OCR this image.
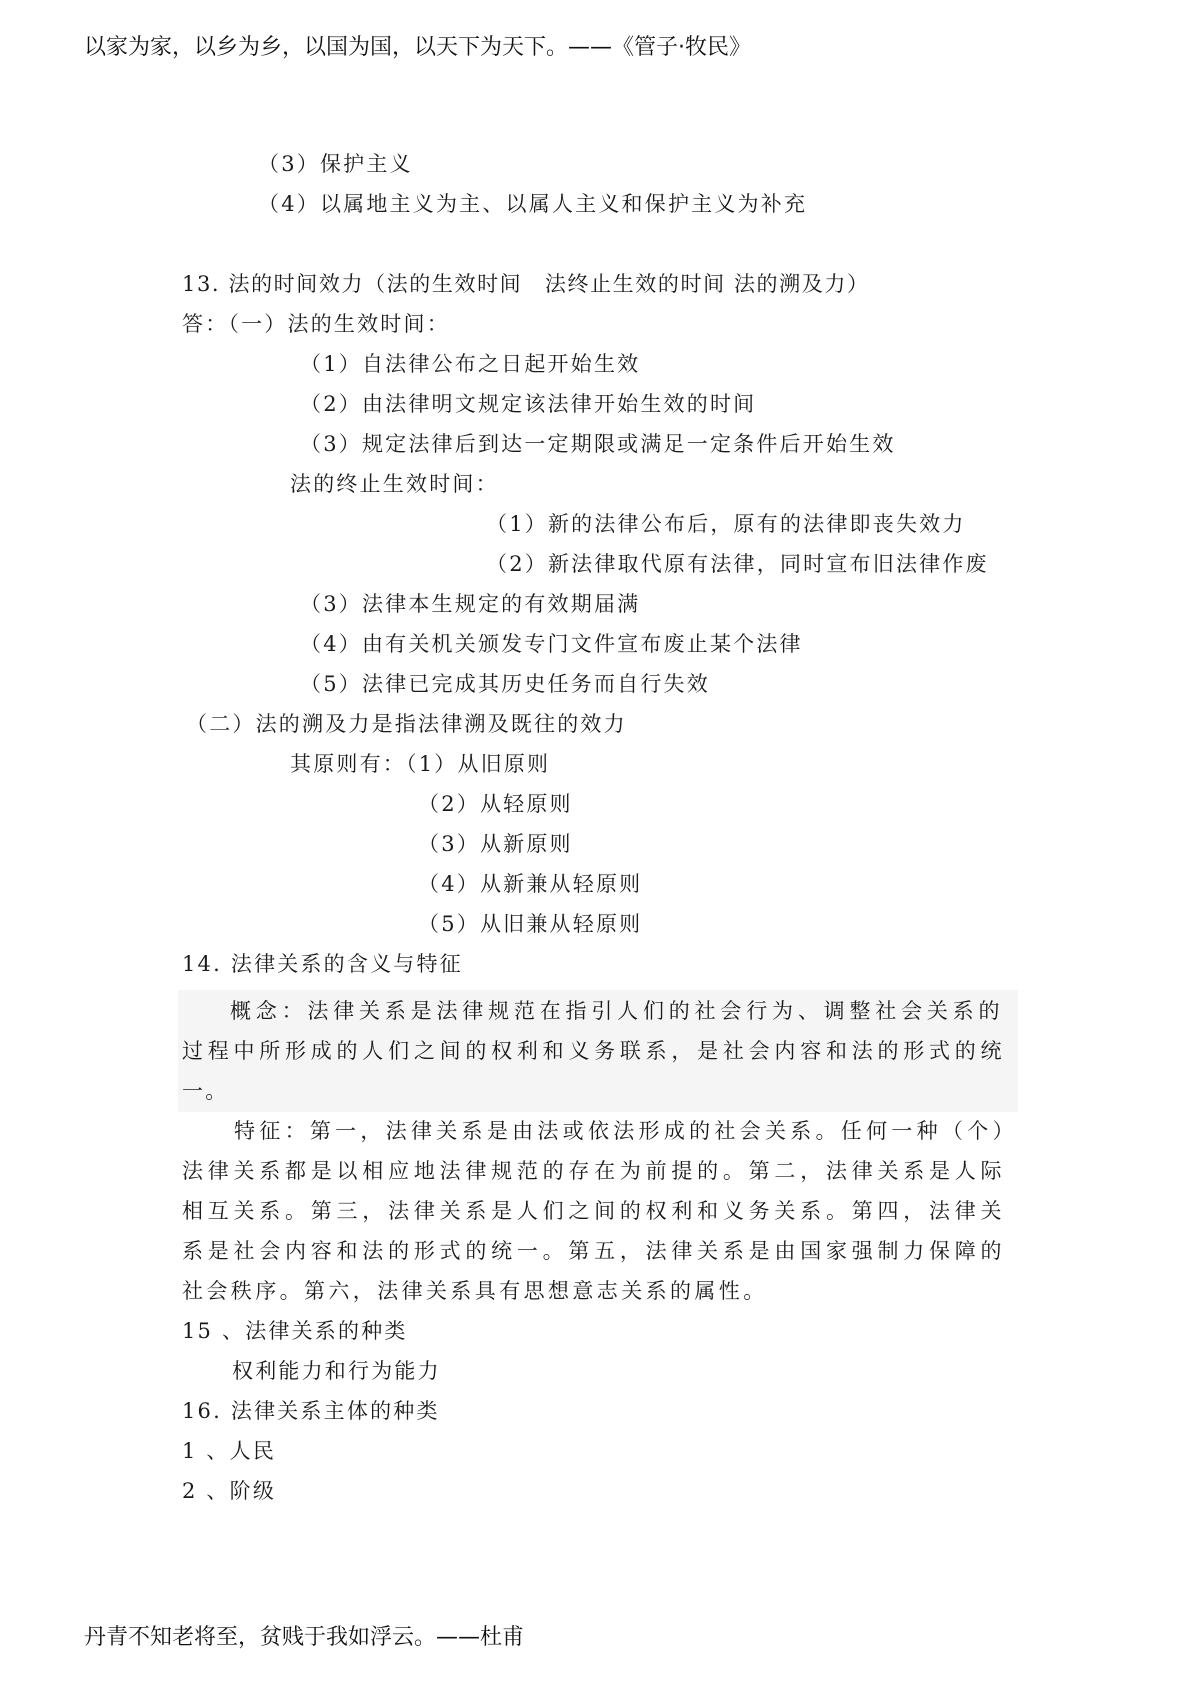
以家为家，以乡为乡，以国为国，以天下为天下。——《管子·牧民》
（3）保护主义
（4）以属地主义为主、以属人主义和保护主义为补充
13. 法的时间效力（法的生效时间　法终止生效的时间 法的溯及力）
答：（一）法的生效时间：
（1）自法律公布之日起开始生效
（2）由法律明文规定该法律开始生效的时间
（3）规定法律后到达一定期限或满足一定条件后开始生效
法的终止生效时间：
（1）新的法律公布后，原有的法律即丧失效力
（2）新法律取代原有法律，同时宣布旧法律作废
（3）法律本生规定的有效期届满
（4）由有关机关颁发专门文件宣布废止某个法律
（5）法律已完成其历史任务而自行失效
（二）法的溯及力是指法律溯及既往的效力
其原则有：（1）从旧原则
（2）从轻原则
（3）从新原则
（4）从新兼从轻原则
（5）从旧兼从轻原则
14. 法律关系的含义与特征
概念：法律关系是法律规范在指引人们的社会行为、调整社会关系的
过程中所形成的人们之间的权利和义务联系，是社会内容和法的形式的统
一。
特征：第一，法律关系是由法或依法形成的社会关系。任何一种（个）
法律关系都是以相应地法律规范的存在为前提的。第二，法律关系是人际
相互关系。第三，法律关系是人们之间的权利和义务关系。第四，法律关
系是社会内容和法的形式的统一。第五，法律关系是由国家强制力保障的
社会秩序。第六，法律关系具有思想意志关系的属性。
15 、法律关系的种类
权利能力和行为能力
16. 法律关系主体的种类
1 、人民
2 、阶级
丹青不知老将至，贫贱于我如浮云。——杜甫
